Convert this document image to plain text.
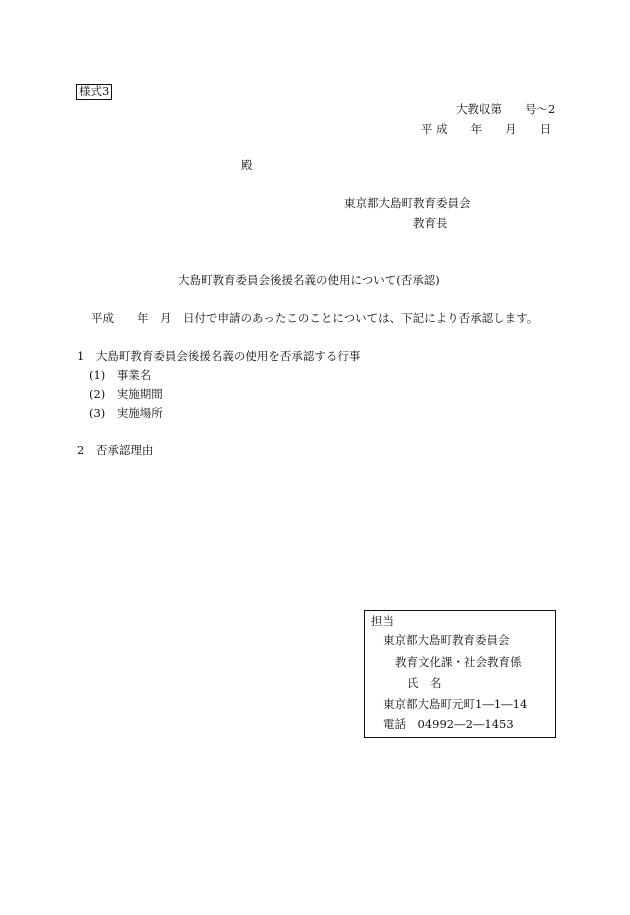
様式3
大教収第　　号〜2
平 成　　年　　月　　日
殿
東京都大島町教育委員会
教育長
大島町教育委員会後援名義の使用について(否承認)
平成　　年　月　日付で申請のあったこのことについては、下記により否承認します。
1　大島町教育委員会後援名義の使用を否承認する行事
(1)　事業名
(2)　実施期間
(3)　実施場所
2　否承認理由
担当
東京都大島町教育委員会
教育文化課・社会教育係
氏　名
東京都大島町元町1―1―14
電話　04992―2―1453
